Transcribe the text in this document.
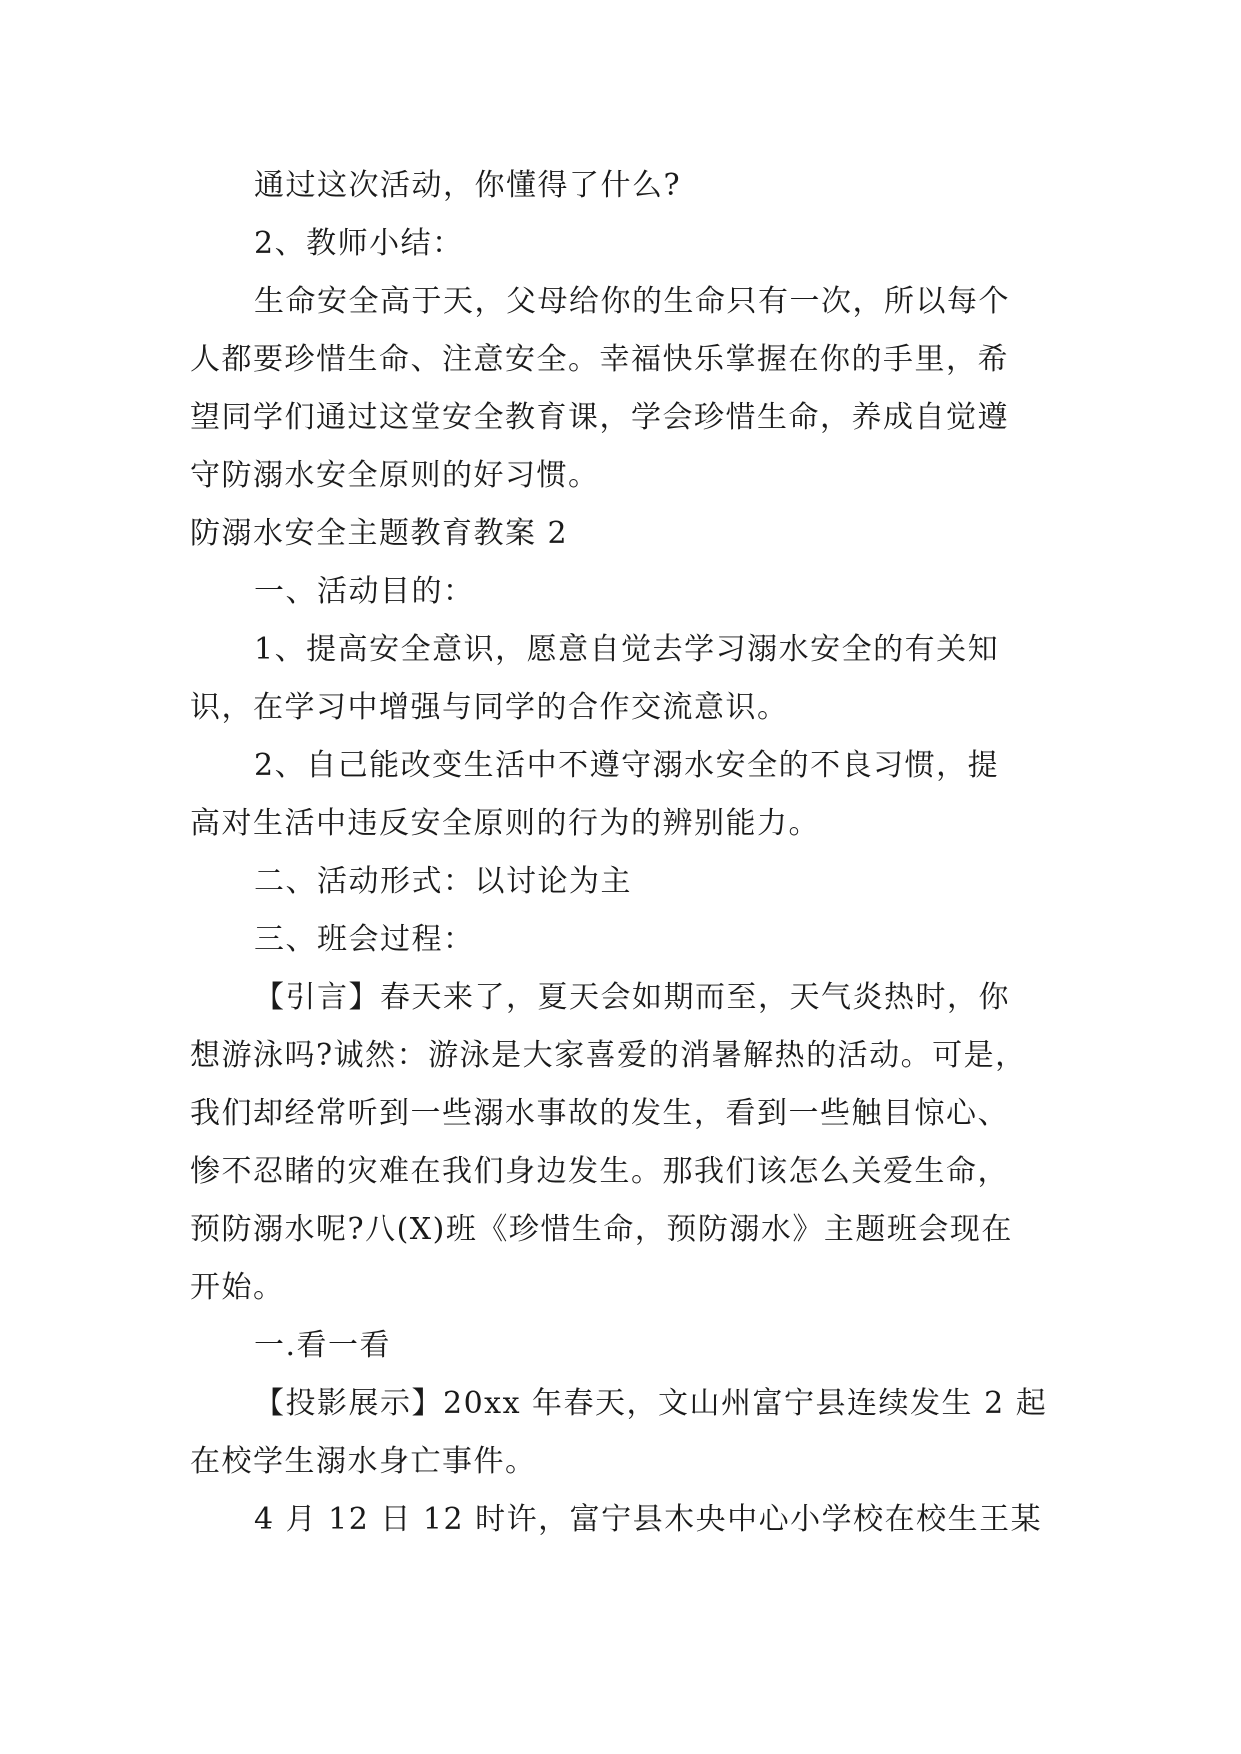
通过这次活动，你懂得了什么?

2、教师小结：

生命安全高于天，父母给你的生命只有一次，所以每个

人都要珍惜生命、注意安全。幸福快乐掌握在你的手里，希

望同学们通过这堂安全教育课，学会珍惜生命，养成自觉遵

守防溺水安全原则的好习惯。

防溺水安全主题教育教案 2

一、活动目的：

1、提高安全意识，愿意自觉去学习溺水安全的有关知

识，在学习中增强与同学的合作交流意识。

2、自己能改变生活中不遵守溺水安全的不良习惯，提

高对生活中违反安全原则的行为的辨别能力。

二、活动形式：以讨论为主

三、班会过程：

【引言】春天来了，夏天会如期而至，天气炎热时，你

想游泳吗?诚然：游泳是大家喜爱的消暑解热的活动。可是，

我们却经常听到一些溺水事故的发生，看到一些触目惊心、

惨不忍睹的灾难在我们身边发生。那我们该怎么关爱生命，

预防溺水呢?八(X)班《珍惜生命，预防溺水》主题班会现在

开始。

一.看一看

【投影展示】20xx 年春天，文山州富宁县连续发生 2 起

在校学生溺水身亡事件。

4 月 12 日 12 时许，富宁县木央中心小学校在校生王某
